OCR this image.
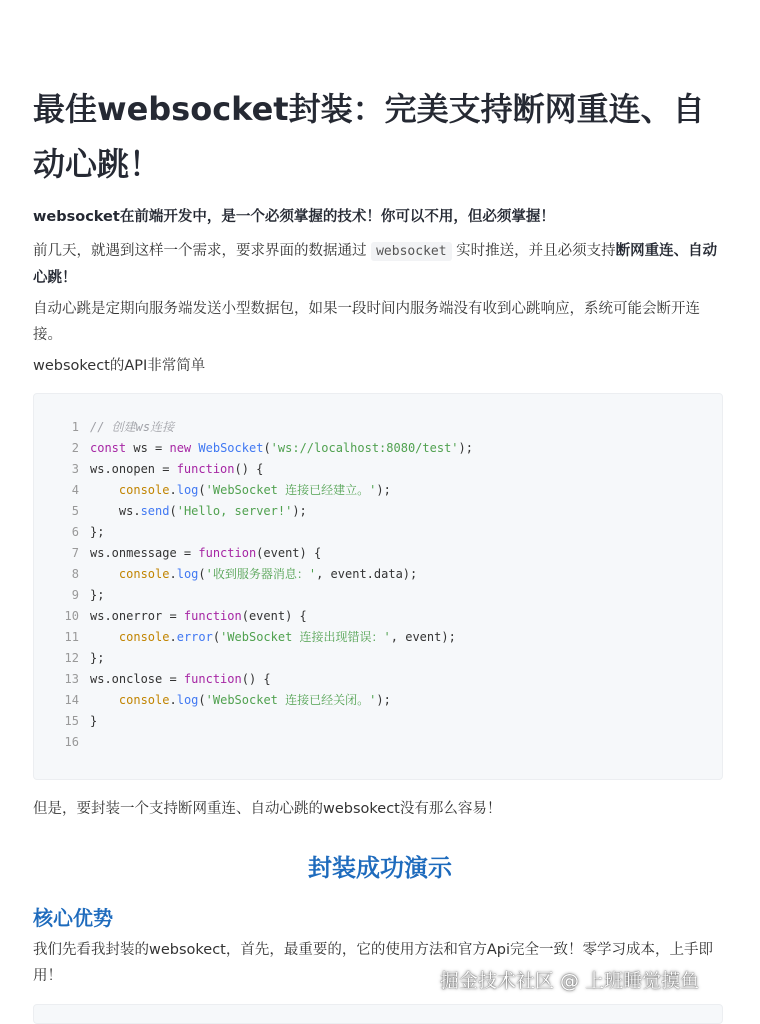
最佳websocket封装：完美支持断网重连、自动心跳！

websocket在前端开发中，是一个必须掌握的技术！你可以不用，但必须掌握！

前几天，就遇到这样一个需求，要求界面的数据通过 websocket 实时推送，并且必须支持断网重连、自动心跳！

自动心跳是定期向服务端发送小型数据包，如果一段时间内服务端没有收到心跳响应，系统可能会断开连接。

websokect的API非常简单

1 // 创建ws连接
2 const ws = new WebSocket('ws://localhost:8080/test');
3 ws.onopen = function() {
4	console.log('WebSocket 连接已经建立。');
5    ws.send('Hello, server!');
6 };
7 ws.onmessage = function(event) {
8	console.log('收到服务器消息：', event.data);
9 };
10 ws.onerror = function(event) {
11	console.error('WebSocket 连接出现错误：', event);
12 };
13 ws.onclose = function() {
14	console.log('WebSocket 连接已经关闭。');
15 }
16

但是，要封装一个支持断网重连、自动心跳的websokect没有那么容易！

封装成功演示
核心优势

我们先看我封装的websokect，首先，最重要的，它的使用方法和官方Api完全一致！零学习成本，上手即用！	掘金技术社区 @ 上班睡觉摸鱼
